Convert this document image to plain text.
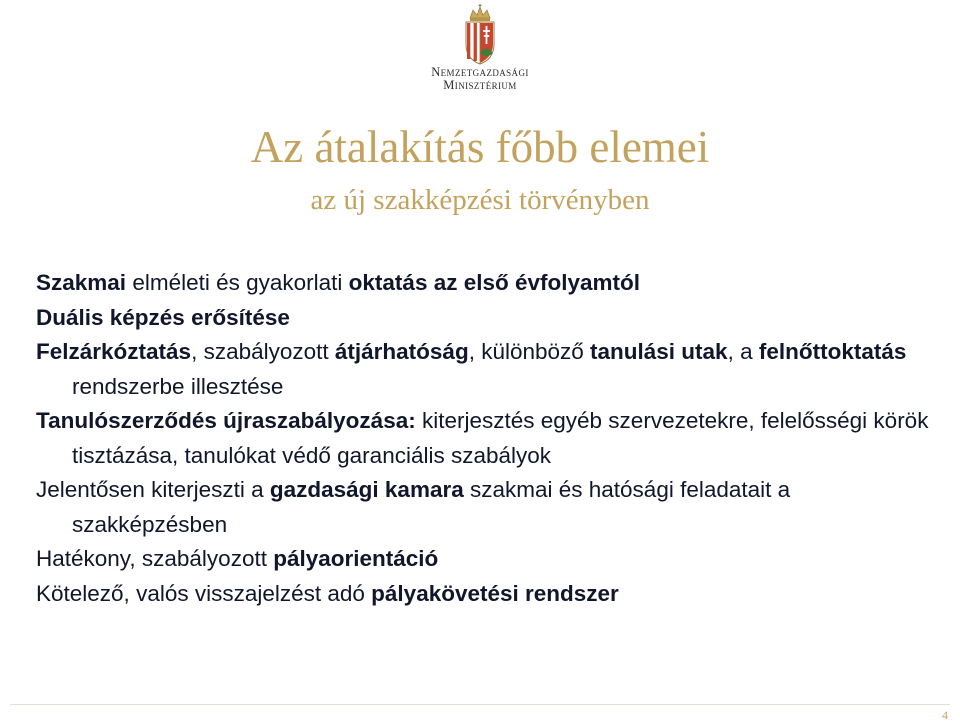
Nemzetgazdasági
Minisztérium
Az átalakítás főbb elemei
az új szakképzési törvényben
Szakmai elméleti és gyakorlati oktatás az első évfolyamtól
Duális képzés erősítése
Felzárkóztatás, szabályozott átjárhatóság, különböző tanulási utak, a felnőttoktatás rendszerbe illesztése
Tanulószerződés újraszabályozása: kiterjesztés egyéb szervezetekre, felelősségi körök tisztázása, tanulókat védő garanciális szabályok
Jelentősen kiterjeszti a gazdasági kamara szakmai és hatósági feladatait a szakképzésben
Hatékony, szabályozott pályaorientáció
Kötelező, valós visszajelzést adó pályakövetési rendszer
4
